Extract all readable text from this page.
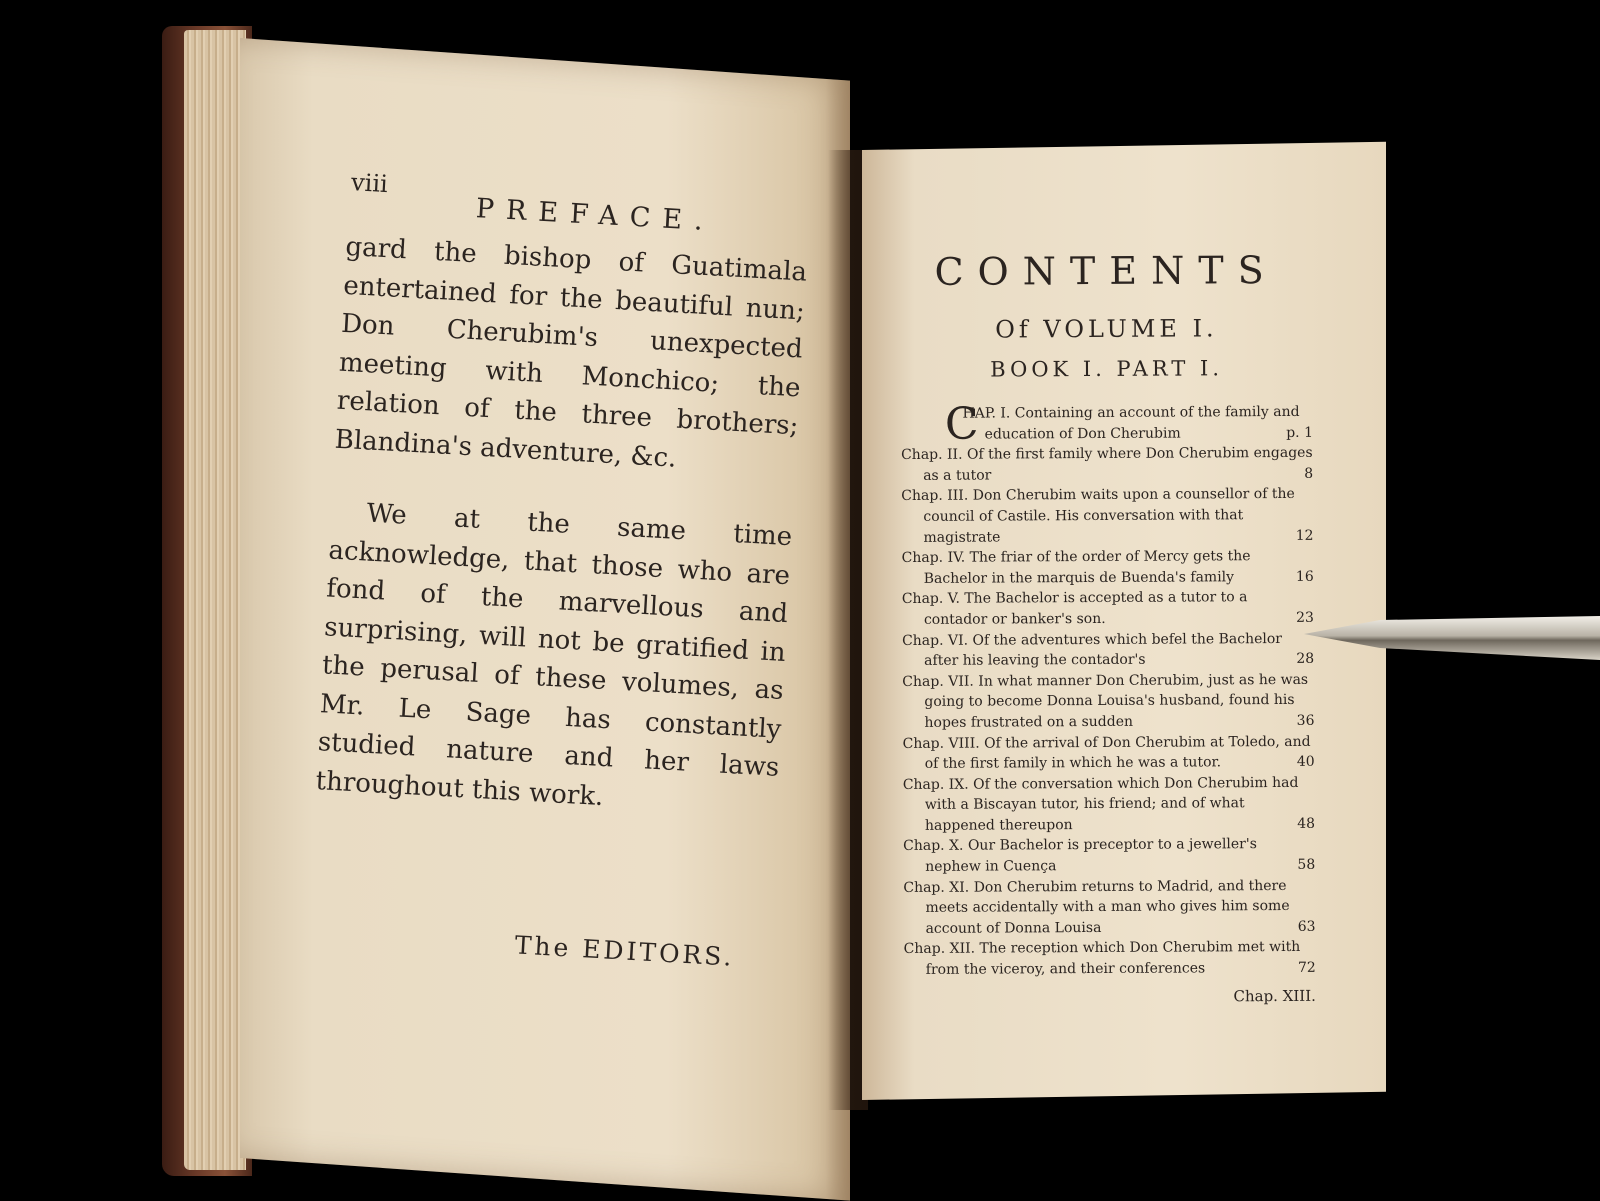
viii
PREFACE.

gard the bishop of Guatimala entertained for the beautiful nun; Don Cherubim's unexpected meeting with Monchico; the relation of the three brothers; Blandina's adventure, &c.

We at the same time acknowledge, that those who are fond of the marvellous and surprising, will not be gratified in the perusal of these volumes, as Mr. Le Sage has constantly studied nature and her laws throughout this work.

The EDITORS.
CONTENTS
Of VOLUME I.
BOOK I. PART I.
C
HAP. I. Containing an account of the family and education of Don Cherubim	p. 1
Chap. II. Of the first family where Don Cherubim engages as a tutor	8
Chap. III. Don Cherubim waits upon a counsellor of the council of Castile. His conversation with that magistrate	12
Chap. IV. The friar of the order of Mercy gets the Bachelor in the marquis de Buenda's family	16
Chap. V. The Bachelor is accepted as a tutor to a contador or banker's son.	23
Chap. VI. Of the adventures which befel the Bachelor after his leaving the contador's	28
Chap. VII. In what manner Don Cherubim, just as he was going to become Donna Louisa's husband, found his hopes frustrated on a sudden	36
Chap. VIII. Of the arrival of Don Cherubim at Toledo, and of the first family in which he was a tutor.	40
Chap. IX. Of the conversation which Don Cherubim had with a Biscayan tutor, his friend; and of what happened thereupon	48
Chap. X. Our Bachelor is preceptor to a jeweller's nephew in Cuença	58
Chap. XI. Don Cherubim returns to Madrid, and there meets accidentally with a man who gives him some account of Donna Louisa	63
Chap. XII. The reception which Don Cherubim met with from the viceroy, and their conferences	72
Chap. XIII.
